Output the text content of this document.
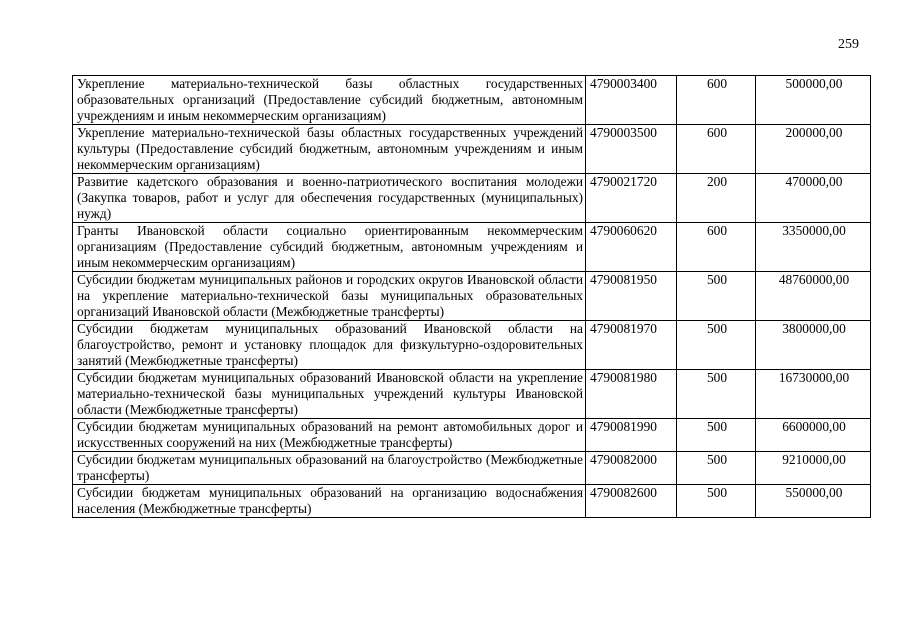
259
Укрепление материально-технической базы областных государственных образовательных организаций (Предоставление субсидий бюджетным, автономным учреждениям и иным некоммерческим организациям)	4790003400	600	500000,00
Укрепление материально-технической базы областных государственных учреждений культуры (Предоставление субсидий бюджетным, автономным учреждениям и иным некоммерческим организациям)	4790003500	600	200000,00
Развитие кадетского образования и военно-патриотического воспитания молодежи (Закупка товаров, работ и услуг для обеспечения государственных (муниципальных) нужд)	4790021720	200	470000,00
Гранты Ивановской области социально ориентированным некоммерческим организациям (Предоставление субсидий бюджетным, автономным учреждениям и иным некоммерческим организациям)	4790060620	600	3350000,00
Субсидии бюджетам муниципальных районов и городских округов Ивановской области на укрепление материально-технической базы муниципальных образовательных организаций Ивановской области (Межбюджетные трансферты)	4790081950	500	48760000,00
Субсидии бюджетам муниципальных образований Ивановской области на благоустройство, ремонт и установку площадок для физкультурно-оздоровительных занятий (Межбюджетные трансферты)	4790081970	500	3800000,00
Субсидии бюджетам муниципальных образований Ивановской области на укрепление материально-технической базы муниципальных учреждений культуры Ивановской области (Межбюджетные трансферты)	4790081980	500	16730000,00
Субсидии бюджетам муниципальных образований на ремонт автомобильных дорог и искусственных сооружений на них (Межбюджетные трансферты)	4790081990	500	6600000,00
Субсидии бюджетам муниципальных образований на благоустройство (Межбюджетные трансферты)	4790082000	500	9210000,00
Субсидии бюджетам муниципальных образований на организацию водоснабжения населения (Межбюджетные трансферты)	4790082600	500	550000,00
